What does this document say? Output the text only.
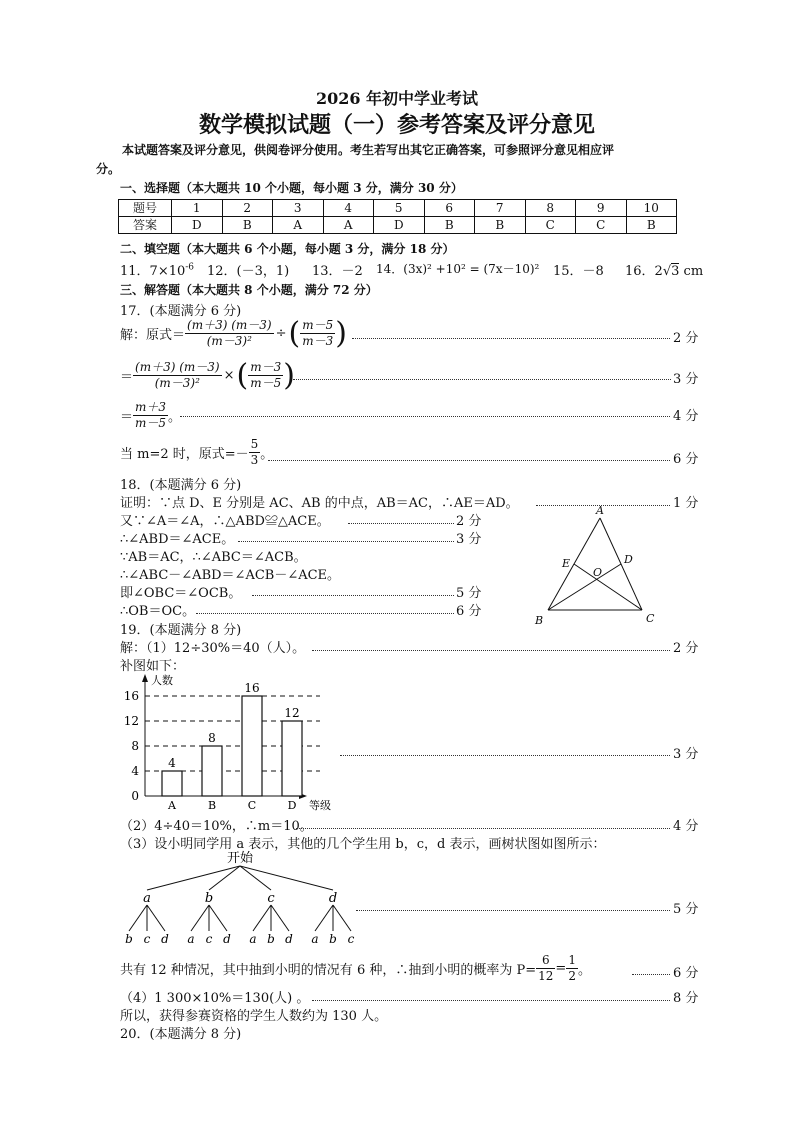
2026 年初中学业考试
数学模拟试题（一）参考答案及评分意见
本试题答案及评分意见，供阅卷评分使用。考生若写出其它正确答案，可参照评分意见相应评
分。
一、选择题（本大题共 10 个小题，每小题 3 分，满分 30 分）
题号	1	2	3	4	5	6	7	8	9	10
答案	D	B	A	A	D	B	B	C	C	B
二、填空题（本大题共 6 个小题，每小题 3 分，满分 18 分）
11．$7\times 10^{-6}$ 12．(－3，1) 13．－2 14．(3x)² +10² = (7x－10)² 15．－8 16．2√3 cm
三、解答题（本大题共 8 个小题，满分 72 分）
17．(本题满分 6 分)
解：原式＝ $\frac{(m+3) (m-3)}{\text{(m－3)²}}$ ÷( $\frac{m-5}{m-3}$ )	2 分
＝ $\frac{(m+3) (m-3)}{\text{(m－3)²}}$ ×( $\frac{m-3}{m-5}$ )	3 分
＝ $\frac{m+3}{m-5}$ 。	4 分
当 m=2 时，原式=－ $\frac{5}{3}$ 。	6 分
18．(本题满分 6 分)
证明：∵点 D、E 分别是 AC、AB 的中点，AB＝AC，∴AE＝AD。	1 分
又∵∠A＝∠A，∴△ABD≌△ACE。	2 分
∴∠ABD＝∠ACE。	3 分
∵AB＝AC，∴∠ABC＝∠ACB。
∴∠ABC－∠ABD＝∠ACB－∠ACE。
即∠OBC＝∠OCB。	5 分
∴OB＝OC。	6 分
A
B	C
D
E
O
19．(本题满分 8 分)
解：（1）12÷30%＝40（人）。	2 分
补图如下：
0
4
8
12
16
人数
等级
4
A
8
B
16
C
12
D
3 分
（2）4÷40＝10%，∴m＝10。	4 分
（3）设小明同学用 a 表示，其他的几个学生用 b，c，d 表示，画树状图如图所示：
开始
a
b c d
b
a c d
c
a b d
d
a b c
5 分
共有 12 种情况，其中抽到小明的情况有 6 种，∴抽到小明的概率为 $P= \frac{6}{12} = \frac{1}{2}$ 。	6 分
（4）1 300×10%＝130(人) 。	8 分
所以，获得参赛资格的学生人数约为 130 人。
20．(本题满分 8 分)
